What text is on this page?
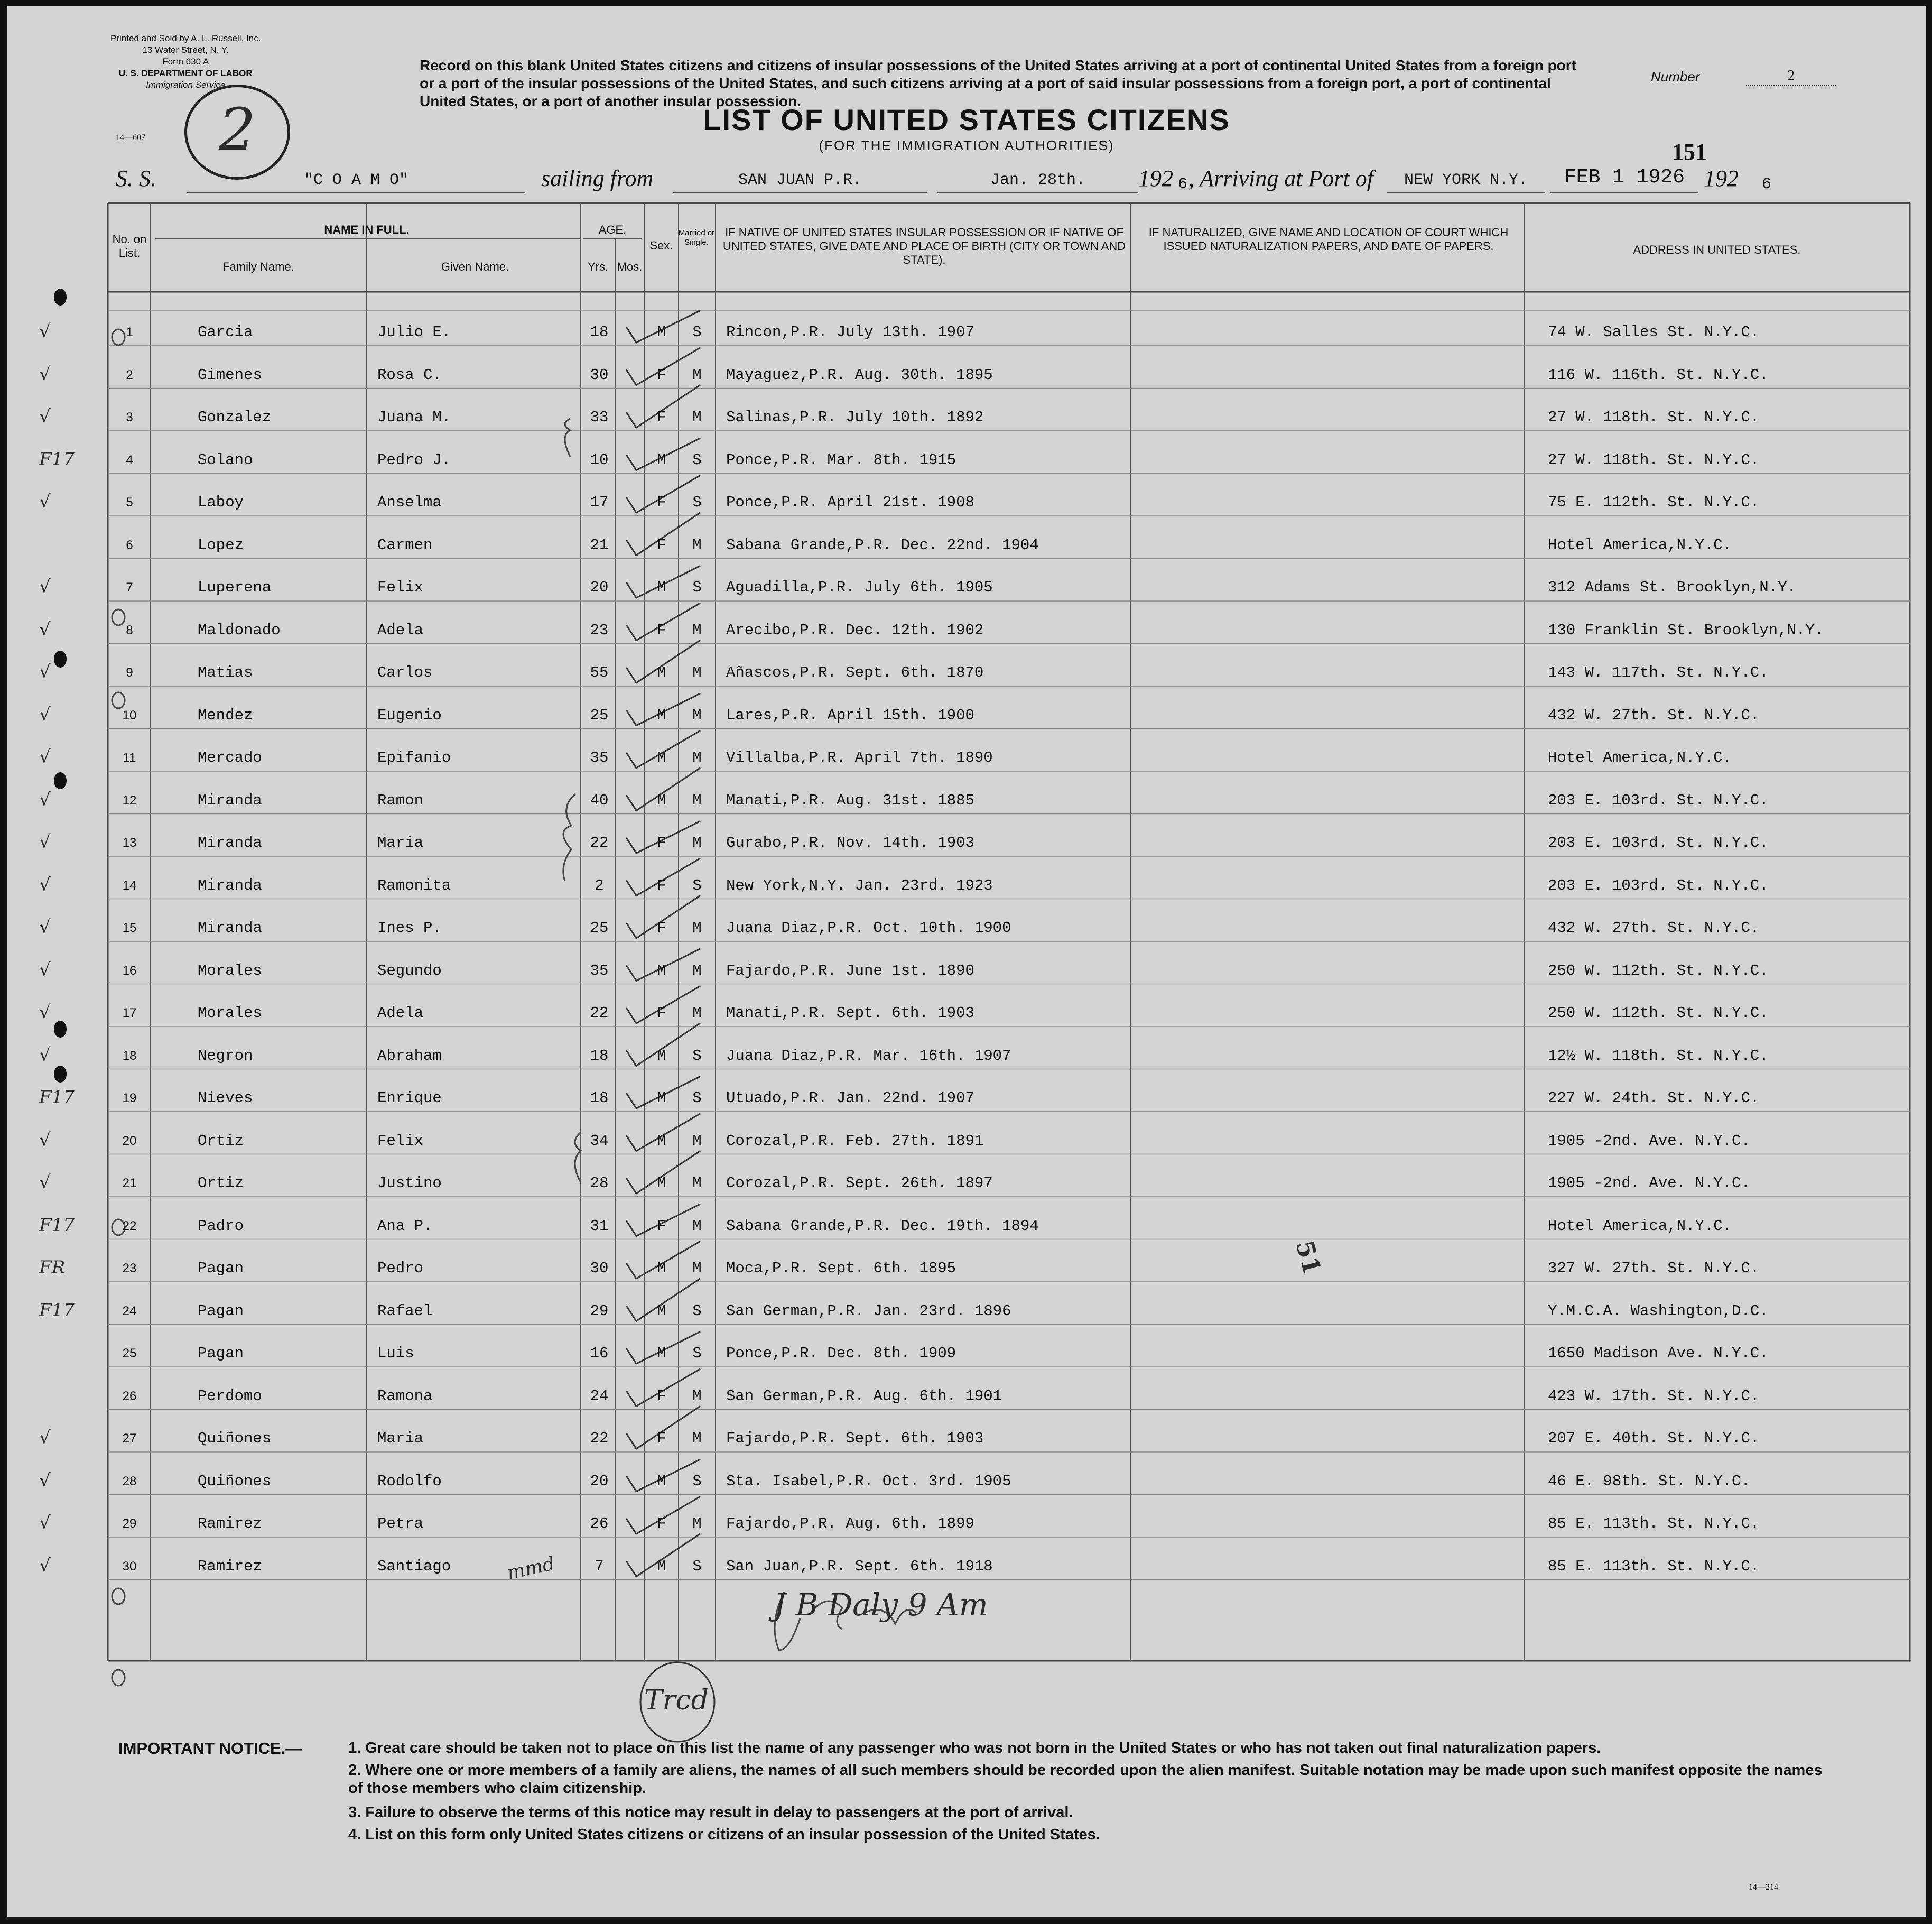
Printed and Sold by A. L. Russell, Inc.
13 Water Street, N. Y.
Form 630 A
U. S. DEPARTMENT OF LABOR
Immigration Service
14—607	2
Record on this blank United States citizens and citizens of insular possessions of the United States arriving at a port of continental United States from a foreign port or a port of the insular possessions of the United States, and such citizens arriving at a port of said insular possessions from a foreign port, a port of continental United States, or a port of another insular possession.
Number	2
LIST OF UNITED STATES CITIZENS
(FOR THE IMMIGRATION AUTHORITIES)	151
S. S.	"C O A M O"	sailing from	SAN JUAN P.R.	Jan. 28th.	192 6 , Arriving at Port of	NEW YORK N.Y.	FEB 1 1926 192 6
No. on List.
NAME IN FULL.
Family Name.	Given Name.
AGE.
Yrs. Mos.
Sex.
Married or Single.
IF NATIVE OF UNITED STATES INSULAR POSSESSION OR IF NATIVE OF UNITED STATES, GIVE DATE AND PLACE OF BIRTH (CITY OR TOWN AND STATE).
IF NATURALIZED, GIVE NAME AND LOCATION OF COURT WHICH ISSUED NATURALIZATION PAPERS, AND DATE OF PAPERS.	ADDRESS IN UNITED STATES.
1	Garcia	Julio E.	18	M	S	Rincon,P.R. July 13th. 1907	74 W. Salles St. N.Y.C.
√
2	Gimenes	Rosa C.	30	F	M	Mayaguez,P.R. Aug. 30th. 1895	116 W. 116th. St. N.Y.C.
√
3	Gonzalez	Juana M.	33	F	M	Salinas,P.R. July 10th. 1892	27 W. 118th. St. N.Y.C.
√
4	Solano	Pedro J.	10	M	S	Ponce,P.R. Mar. 8th. 1915	27 W. 118th. St. N.Y.C.
F17
5	Laboy	Anselma	17	F	S	Ponce,P.R. April 21st. 1908	75 E. 112th. St. N.Y.C.
√
6	Lopez	Carmen	21	F	M	Sabana Grande,P.R. Dec. 22nd. 1904	Hotel America,N.Y.C.
7	Luperena	Felix	20	M	S	Aguadilla,P.R. July 6th. 1905	312 Adams St. Brooklyn,N.Y.
√
8	Maldonado	Adela	23	F	M	Arecibo,P.R. Dec. 12th. 1902	130 Franklin St. Brooklyn,N.Y.
√
9	Matias	Carlos	55	M	M	Añascos,P.R. Sept. 6th. 1870	143 W. 117th. St. N.Y.C.
√
10	Mendez	Eugenio	25	M	M	Lares,P.R. April 15th. 1900	432 W. 27th. St. N.Y.C.
√
11	Mercado	Epifanio	35	M	M	Villalba,P.R. April 7th. 1890	Hotel America,N.Y.C.
√
12	Miranda	Ramon	40	M	M	Manati,P.R. Aug. 31st. 1885	203 E. 103rd. St. N.Y.C.
√
13	Miranda	Maria	22	F	M	Gurabo,P.R. Nov. 14th. 1903	203 E. 103rd. St. N.Y.C.
√
14	Miranda	Ramonita	2	F	S	New York,N.Y. Jan. 23rd. 1923	203 E. 103rd. St. N.Y.C.
√
15	Miranda	Ines P.	25	F	M	Juana Diaz,P.R. Oct. 10th. 1900	432 W. 27th. St. N.Y.C.
√
16	Morales	Segundo	35	M	M	Fajardo,P.R. June 1st. 1890	250 W. 112th. St. N.Y.C.
√
17	Morales	Adela	22	F	M	Manati,P.R. Sept. 6th. 1903	250 W. 112th. St. N.Y.C.
√
18	Negron	Abraham	18	M	S	Juana Diaz,P.R. Mar. 16th. 1907	12½ W. 118th. St. N.Y.C.
√
19	Nieves	Enrique	18	M	S	Utuado,P.R. Jan. 22nd. 1907	227 W. 24th. St. N.Y.C.
F17
20	Ortiz	Felix	34	M	M	Corozal,P.R. Feb. 27th. 1891	1905 -2nd. Ave. N.Y.C.
√
21	Ortiz	Justino	28	M	M	Corozal,P.R. Sept. 26th. 1897	1905 -2nd. Ave. N.Y.C.
√
22	Padro	Ana P.	31	F	M	Sabana Grande,P.R. Dec. 19th. 1894	Hotel America,N.Y.C.
F17
23	Pagan	Pedro	30	M	M	Moca,P.R. Sept. 6th. 1895	327 W. 27th. St. N.Y.C.
FR
24	Pagan	Rafael	29	M	S	San German,P.R. Jan. 23rd. 1896	Y.M.C.A. Washington,D.C.
F17
25	Pagan	Luis	16	M	S	Ponce,P.R. Dec. 8th. 1909	1650 Madison Ave. N.Y.C.
26	Perdomo	Ramona	24	F	M	San German,P.R. Aug. 6th. 1901	423 W. 17th. St. N.Y.C.
27	Quiñones	Maria	22	F	M	Fajardo,P.R. Sept. 6th. 1903	207 E. 40th. St. N.Y.C.
√
28	Quiñones	Rodolfo	20	M	S	Sta. Isabel,P.R. Oct. 3rd. 1905	46 E. 98th. St. N.Y.C.
√
29	Ramirez	Petra	26	F	M	Fajardo,P.R. Aug. 6th. 1899	85 E. 113th. St. N.Y.C.
√
30	Ramirez	Santiago	7	M	S	San Juan,P.R. Sept. 6th. 1918	85 E. 113th. St. N.Y.C.
√
51
J B Daly 9 Am
Trcd
mmd
IMPORTANT NOTICE.—	1. Great care should be taken not to place on this list the name of any passenger who was not born in the United States or who has not taken out final naturalization papers.
2. Where one or more members of a family are aliens, the names of all such members should be recorded upon the alien manifest. Suitable notation may be made upon such manifest opposite the names of those members who claim citizenship.
3. Failure to observe the terms of this notice may result in delay to passengers at the port of arrival.
4. List on this form only United States citizens or citizens of an insular possession of the United States.
14—214
